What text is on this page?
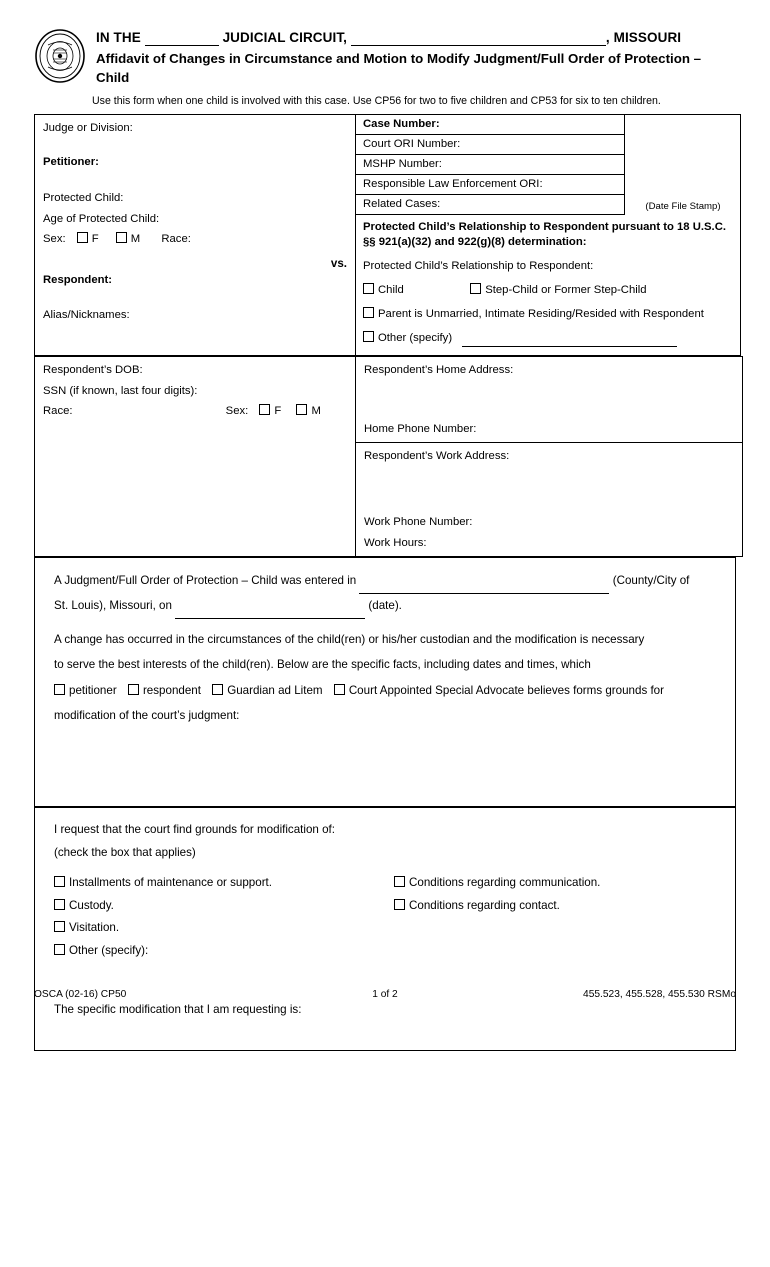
IN THE	JUDICIAL CIRCUIT,	, MISSOURI
Affidavit of Changes in Circumstance and Motion to Modify Judgment/Full Order of Protection – Child
Use this form when one child is involved with this case. Use CP56 for two to five children and CP53 for six to ten children.
Judge or Division:
Petitioner:
Protected Child:
Age of Protected Child:
Sex: F	M Race:
vs.
Respondent:
Alias/Nicknames:

Case Number:	(Date File Stamp)
Court ORI Number:
MSHP Number:
Responsible Law Enforcement ORI:
Related Cases:
Protected Child’s Relationship to Respondent pursuant to 18 U.S.C. §§ 921(a)(32) and 922(g)(8) determination:
Protected Child’s Relationship to Respondent:
Child	Step-Child or Former Step-Child
Parent is Unmarried, Intimate Residing/Resided with Respondent
Other (specify)
Respondent’s DOB:
SSN (if known, last four digits):
Race:	Sex: F	M

Respondent’s Home Address:
Home Phone Number:

Respondent’s Work Address:
Work Phone Number:
Work Hours:
A Judgment/Full Order of Protection – Child was entered in	(County/City of
St. Louis), Missouri, on	(date).
A change has occurred in the circumstances of the child(ren) or his/her custodian and the modification is necessary
to serve the best interests of the child(ren). Below are the specific facts, including dates and times, which
petitioner respondent Guardian ad Litem Court Appointed Special Advocate believes forms grounds for
modification of the court’s judgment:
I request that the court find grounds for modification of:
(check the box that applies)
Installments of maintenance or support.
Custody.
Visitation.
Other (specify):
Conditions regarding communication.
Conditions regarding contact.
The specific modification that I am requesting is:
OSCA (02-16) CP50	1 of 2	455.523, 455.528, 455.530 RSMo
